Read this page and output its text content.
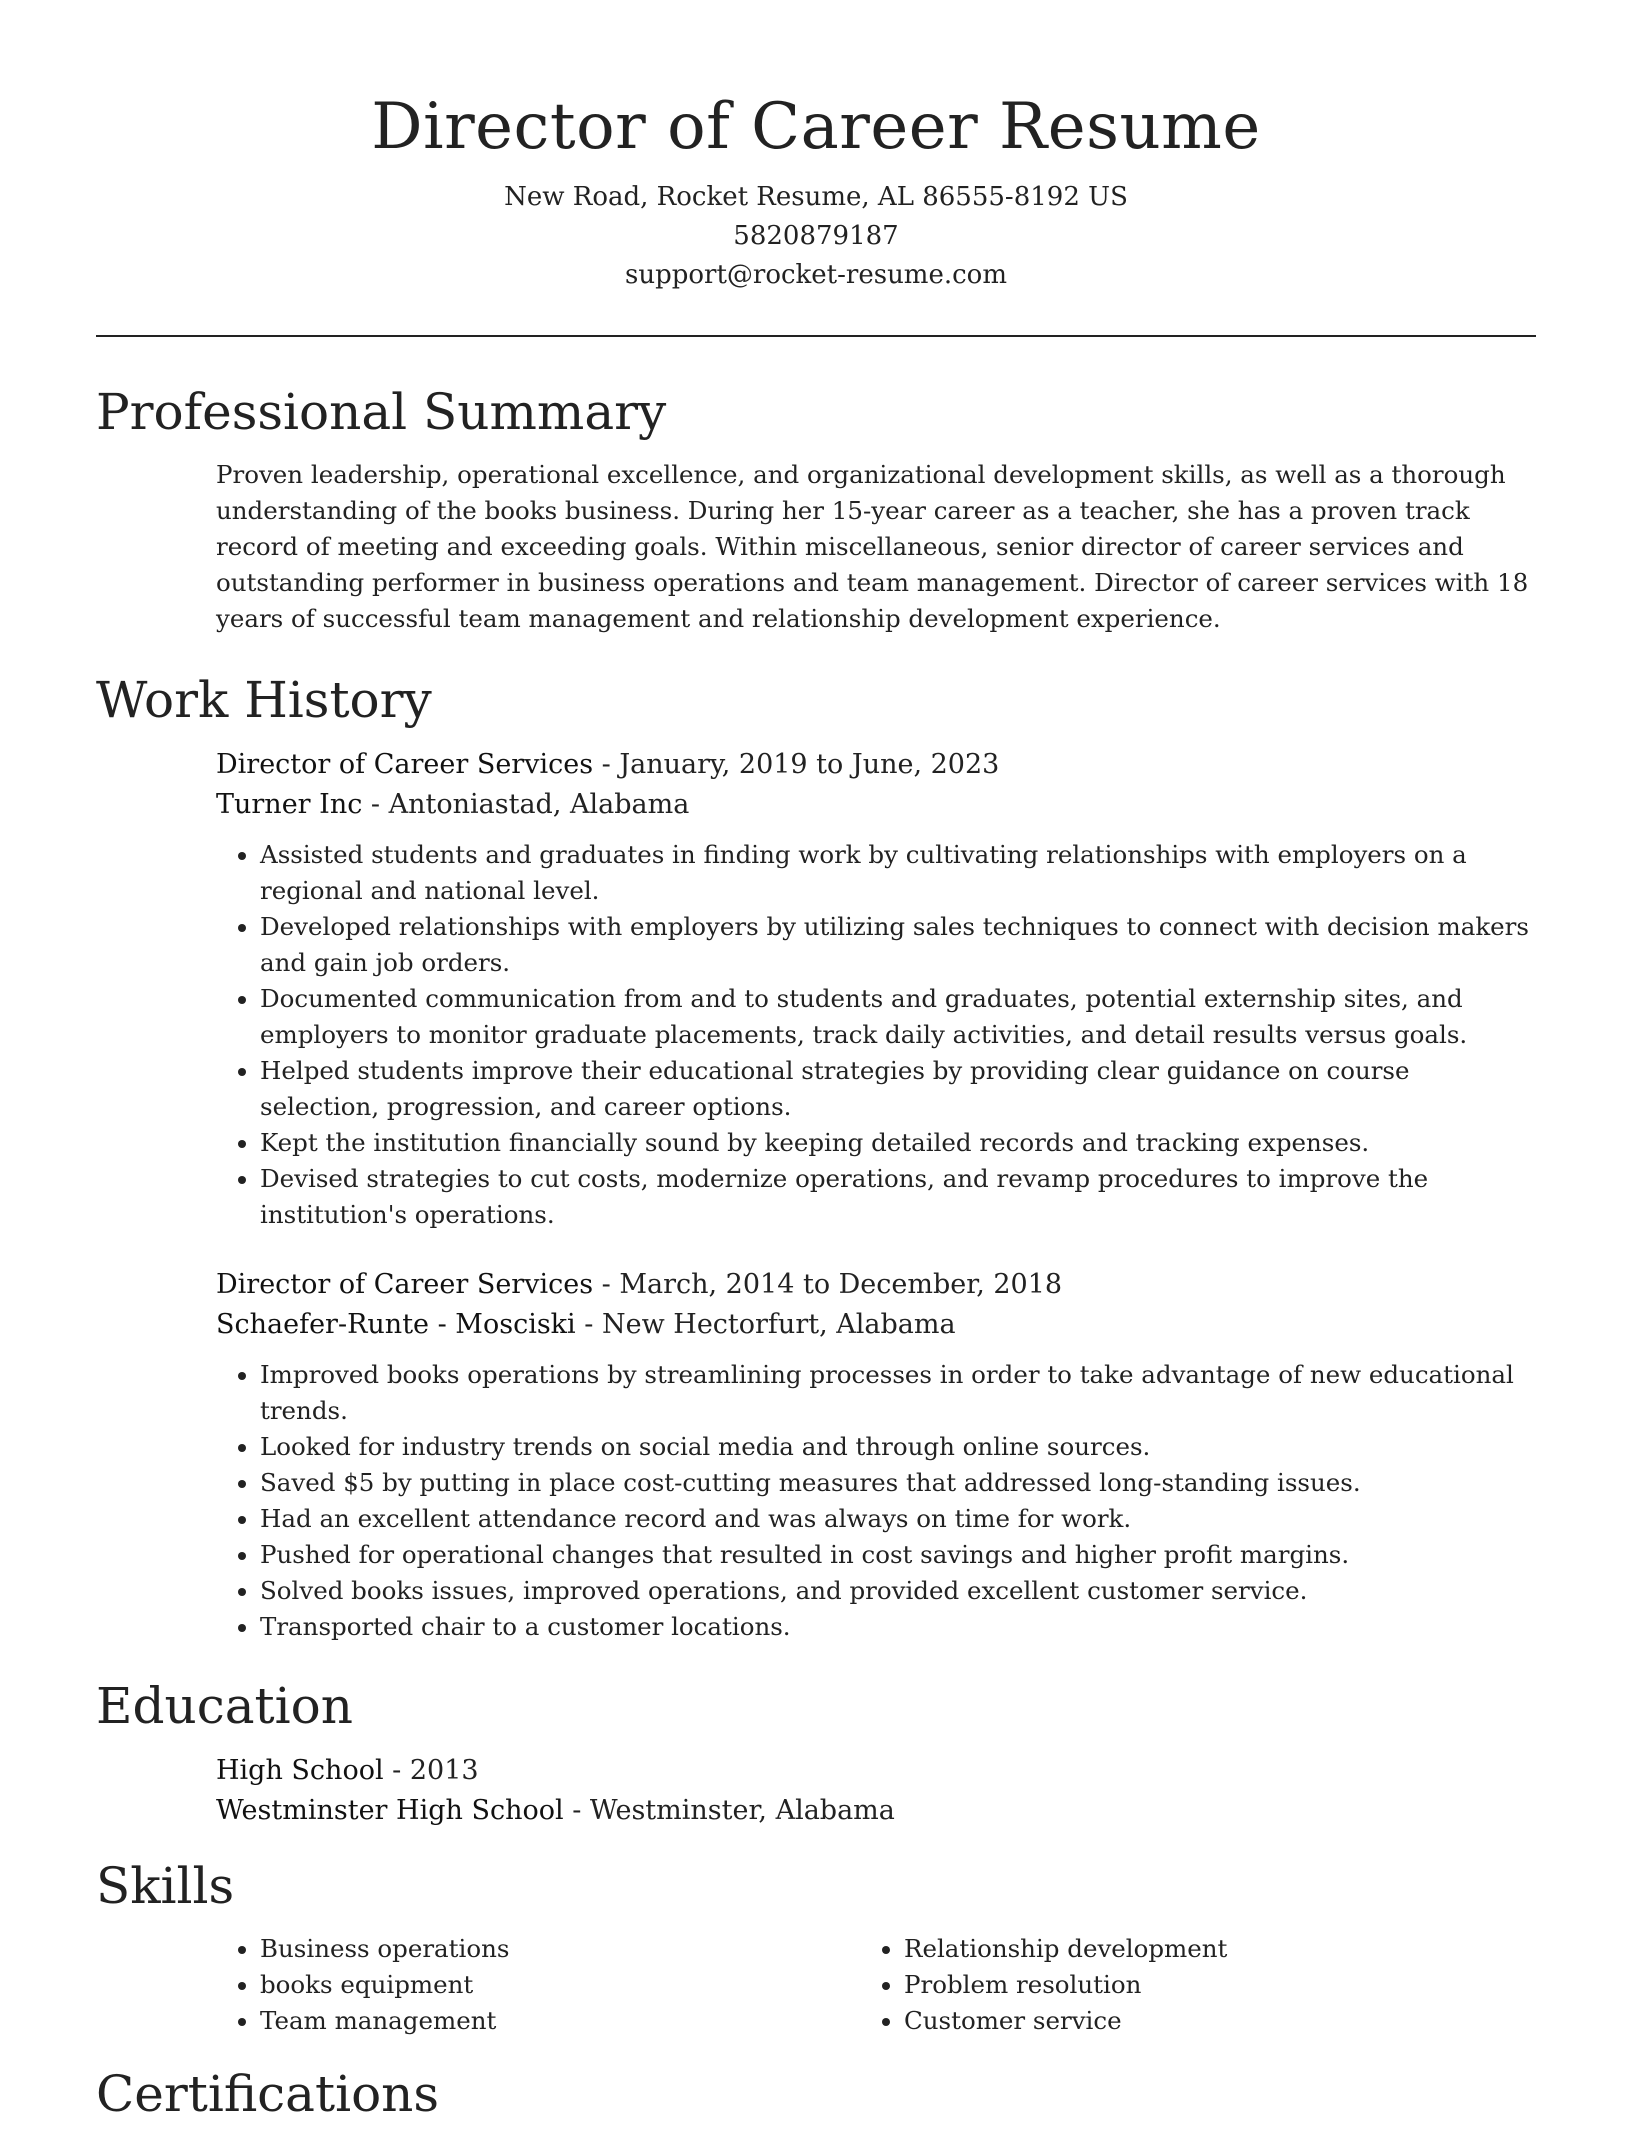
Director of Career Resume
New Road, Rocket Resume, AL 86555-8192 US
5820879187
support@rocket-resume.com
Professional Summary

Proven leadership, operational excellence, and organizational development skills, as well as a thorough understanding of the books business. During her 15-year career as a teacher, she has a proven track record of meeting and exceeding goals. Within miscellaneous, senior director of career services and outstanding performer in business operations and team management. Director of career services with 18 years of successful team management and relationship development experience.

Work History
Director of Career Services - January, 2019 to June, 2023
Turner Inc - Antoniastad, Alabama
• Assisted students and graduates in finding work by cultivating relationships with employers on a regional and national level.
• Developed relationships with employers by utilizing sales techniques to connect with decision makers and gain job orders.
• Documented communication from and to students and graduates, potential externship sites, and employers to monitor graduate placements, track daily activities, and detail results versus goals.
• Helped students improve their educational strategies by providing clear guidance on course selection, progression, and career options.
• Kept the institution financially sound by keeping detailed records and tracking expenses.
• Devised strategies to cut costs, modernize operations, and revamp procedures to improve the institution's operations.
Director of Career Services - March, 2014 to December, 2018
Schaefer-Runte - Mosciski - New Hectorfurt, Alabama
• Improved books operations by streamlining processes in order to take advantage of new educational trends.
• Looked for industry trends on social media and through online sources.
• Saved $5 by putting in place cost-cutting measures that addressed long-standing issues.
• Had an excellent attendance record and was always on time for work.
• Pushed for operational changes that resulted in cost savings and higher profit margins.
• Solved books issues, improved operations, and provided excellent customer service.
• Transported chair to a customer locations.
Education
High School - 2013
Westminster High School - Westminster, Alabama
Skills
• Business operations
• books equipment
• Team management
• Relationship development
• Problem resolution
• Customer service
Certifications
